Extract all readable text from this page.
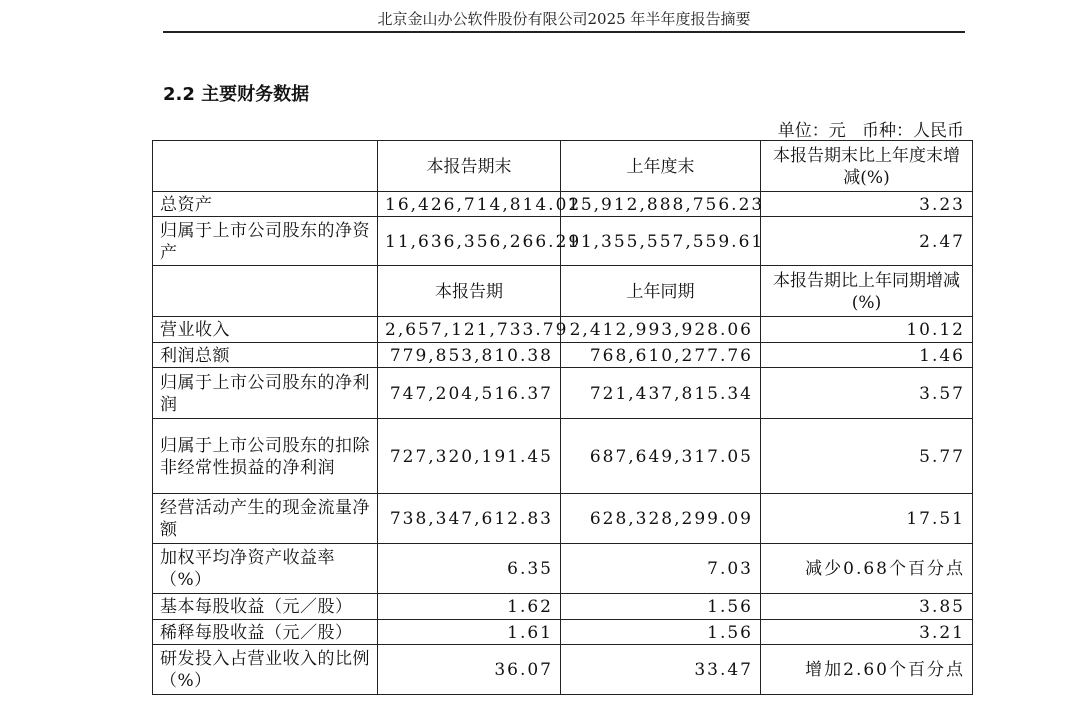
北京金山办公软件股份有限公司2025 年半年度报告摘要
2.2 主要财务数据
单位：元   币种：人民币
	本报告期末	上年度末	本报告期末比上年度末增减(%)
总资产	16,426,714,814.02	15,912,888,756.23	3.23
归属于上市公司股东的净资产	11,636,356,266.29	11,355,557,559.61	2.47
	本报告期	上年同期	本报告期比上年同期增减(%)
营业收入	2,657,121,733.79	2,412,993,928.06	10.12
利润总额	779,853,810.38	768,610,277.76	1.46
归属于上市公司股东的净利润	747,204,516.37	721,437,815.34	3.57
归属于上市公司股东的扣除非经常性损益的净利润	727,320,191.45	687,649,317.05	5.77
经营活动产生的现金流量净额	738,347,612.83	628,328,299.09	17.51
加权平均净资产收益率（%）	6.35	7.03	减少0.68个百分点
基本每股收益（元／股）	1.62	1.56	3.85
稀释每股收益（元／股）	1.61	1.56	3.21
研发投入占营业收入的比例（%）	36.07	33.47	增加2.60个百分点
